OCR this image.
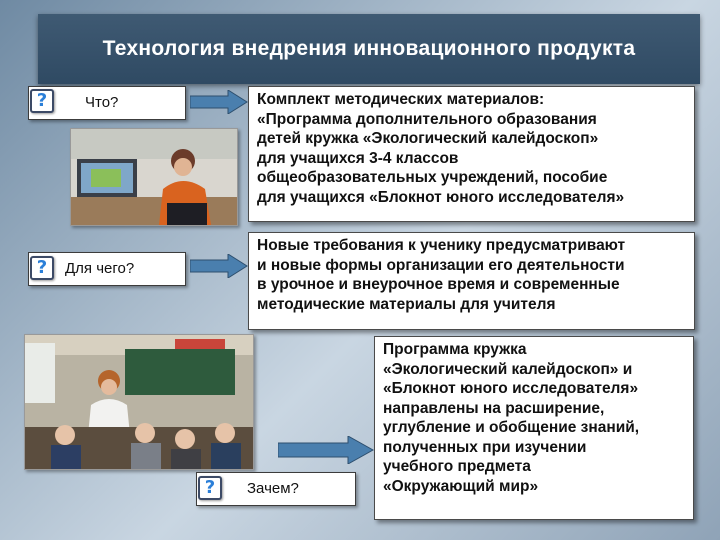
Технология внедрения инновационного продукта
Что?
?	Комплект методических материалов:
«Программа дополнительного образования
детей кружка «Экологический калейдоскоп»
для учащихся 3-4 классов
общеобразовательных учреждений, пособие
для учащихся «Блокнот юного исследователя»
Для чего?
?
Новые требования к ученику предусматривают
и новые формы организации его деятельности
в урочное и внеурочное время и современные
методические материалы для учителя
Зачем?
?
Программа кружка
«Экологический калейдоскоп» и
«Блокнот юного исследователя»
направлены на расширение,
углубление и обобщение знаний,
полученных при изучении
учебного предмета
«Окружающий мир»
